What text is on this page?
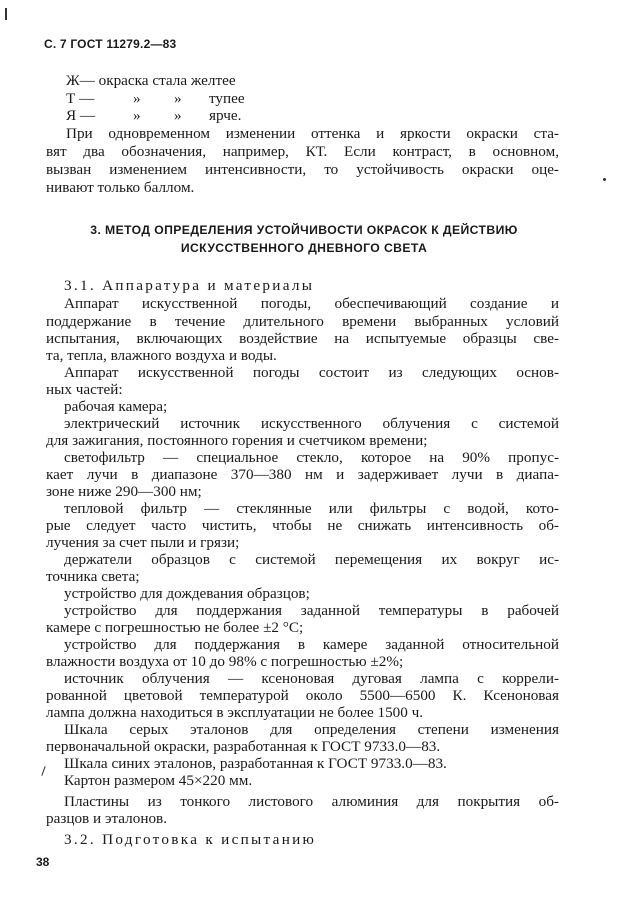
С. 7 ГОСТ 11279.2—83
Ж— окраска стала желтее
Т —	» » тупее
Я — » » ярче.
При одновременном изменении оттенка и яркости окраски ста-
вят два обозначения, например, КТ. Если контраст, в основном,
вызван изменением интенсивности, то устойчивость окраски оце-
нивают только баллом.
3. МЕТОД ОПРЕДЕЛЕНИЯ УСТОЙЧИВОСТИ ОКРАСОК К ДЕЙСТВИЮ
ИСКУССТВЕННОГО ДНЕВНОГО СВЕТА
3.1. Аппаратура и материалы
Аппарат искусственной погоды, обеспечивающий создание и
поддержание в течение длительного времени выбранных условий
испытания, включающих воздействие на испытуемые образцы све-
та, тепла, влажного воздуха и воды.
Аппарат искусственной погоды состоит из следующих основ-
ных частей:
рабочая камера;
электрический источник искусственного облучения с системой
для зажигания, постоянного горения и счетчиком времени;
светофильтр — специальное стекло, которое на 90% пропус-
кает лучи в диапазоне 370—380 нм и задерживает лучи в диапа-
зоне ниже 290—300 нм;
тепловой фильтр — стеклянные или фильтры с водой, кото-
рые следует часто чистить, чтобы не снижать интенсивность об-
лучения за счет пыли и грязи;
держатели образцов с системой перемещения их вокруг ис-
точника света;
устройство для дождевания образцов;
устройство для поддержания заданной температуры в рабочей
камере с погрешностью не более ±2 °С;
устройство для поддержания в камере заданной относительной
влажности воздуха от 10 до 98% с погрешностью ±2%;
источник облучения — ксеноновая дуговая лампа с коррели-
рованной цветовой температурой около 5500—6500 К. Ксеноновая
лампа должна находиться в эксплуатации не более 1500 ч.
Шкала серых эталонов для определения степени изменения
первоначальной окраски, разработанная к ГОСТ 9733.0—83.
Шкала синих эталонов, разработанная к ГОСТ 9733.0—83.
Картон размером 45×220 мм.
Пластины из тонкого листового алюминия для покрытия об-
разцов и эталонов.
3.2. Подготовка к испытанию
38
